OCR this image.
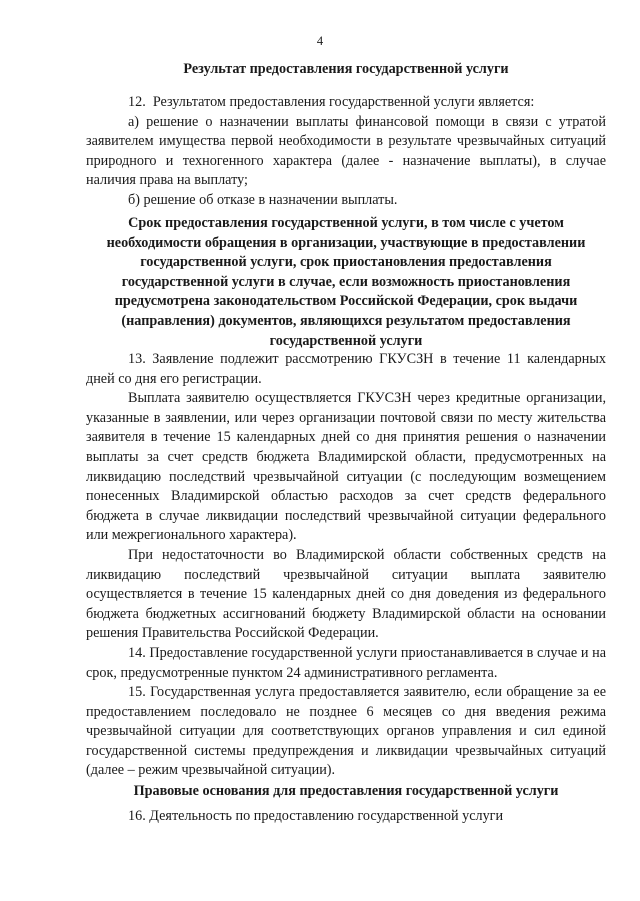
4
Результат предоставления государственной услуги

12.  Результатом предоставления государственной услуги является:

а) решение о назначении выплаты финансовой помощи в связи с утратой заявителем имущества первой необходимости в результате чрезвычайных ситуаций природного и техногенного характера (далее - назначение выплаты), в случае наличия права на выплату;

б) решение об отказе в назначении выплаты.

Срок предоставления государственной услуги, в том числе с учетом необходимости обращения в организации, участвующие в предоставлении государственной услуги, срок приостановления предоставления государственной услуги в случае, если возможность приостановления предусмотрена законодательством Российской Федерации, срок выдачи (направления) документов, являющихся результатом предоставления государственной услуги

13. Заявление подлежит рассмотрению ГКУСЗН в течение 11 календарных дней со дня его регистрации.

Выплата заявителю осуществляется ГКУСЗН через кредитные организации, указанные в заявлении, или через организации почтовой связи по месту жительства заявителя в течение 15 календарных дней со дня принятия решения о назначении выплаты за счет средств бюджета Владимирской области, предусмотренных на ликвидацию последствий чрезвычайной ситуации (с последующим возмещением понесенных Владимирской областью расходов за счет средств федерального бюджета в случае ликвидации последствий чрезвычайной ситуации федерального или межрегионального характера).

При недостаточности во Владимирской области собственных средств на ликвидацию последствий чрезвычайной ситуации выплата заявителю осуществляется в течение 15 календарных дней со дня доведения из федерального бюджета бюджетных ассигнований бюджету Владимирской области на основании решения Правительства Российской Федерации.

14. Предоставление государственной услуги приостанавливается в случае и на срок, предусмотренные пунктом 24 административного регламента.

15. Государственная услуга предоставляется заявителю, если обращение за ее предоставлением последовало не позднее 6 месяцев со дня введения режима чрезвычайной ситуации для соответствующих органов управления и сил единой государственной системы предупреждения и ликвидации чрезвычайных ситуаций (далее – режим чрезвычайной ситуации).

Правовые основания для предоставления государственной услуги

16. Деятельность по предоставлению государственной услуги
